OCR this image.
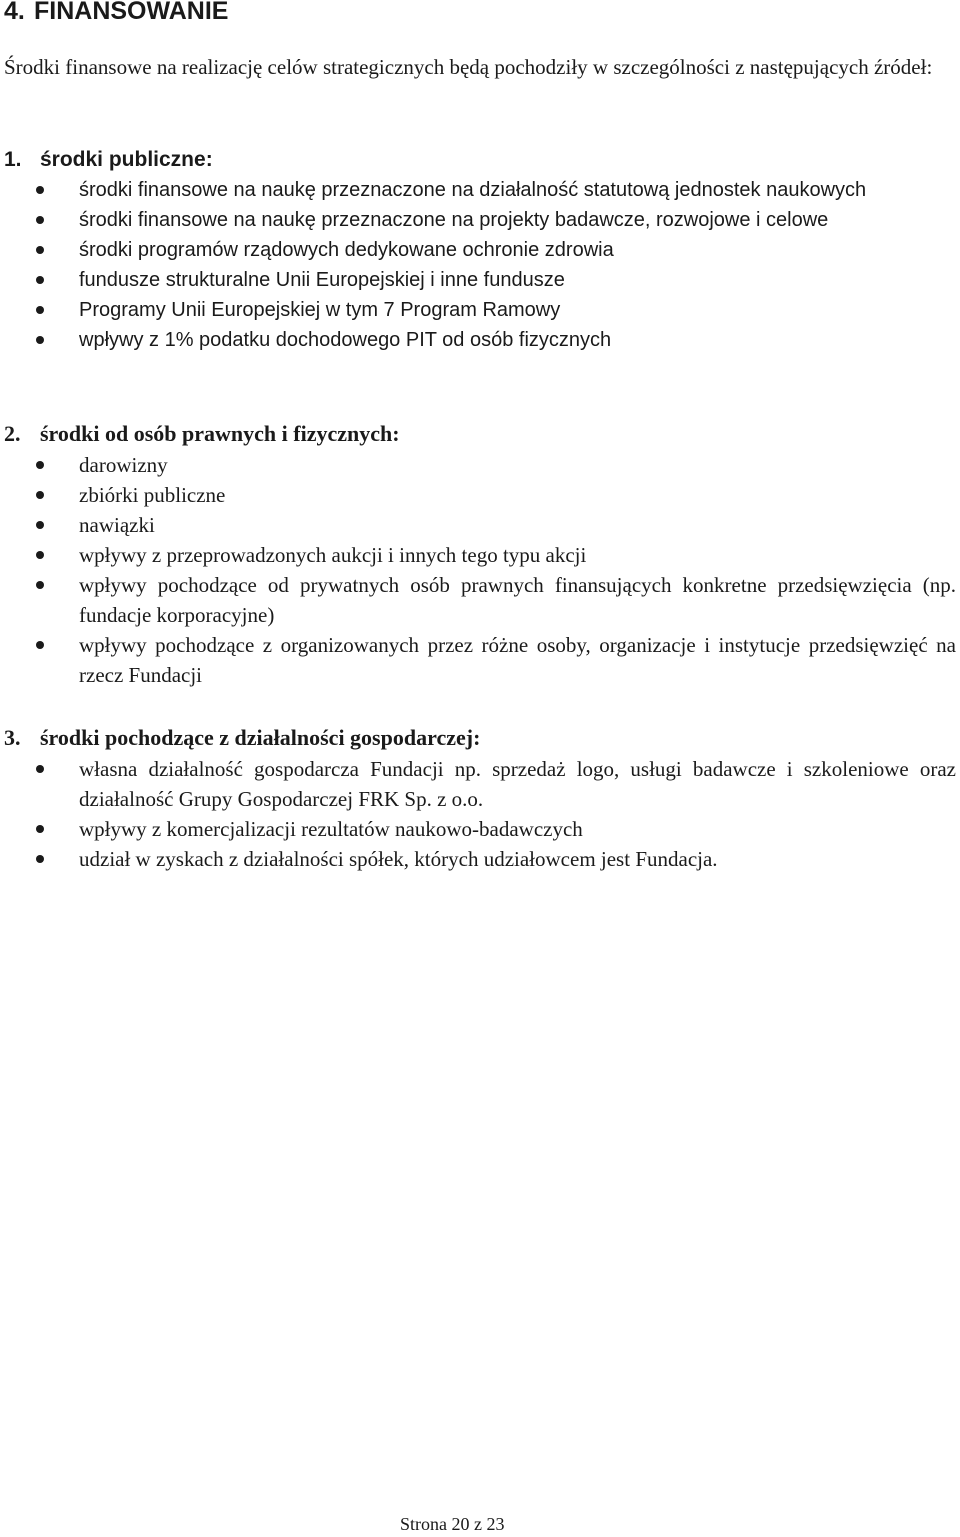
4. FINANSOWANIE

Środki finansowe na realizację celów strategicznych będą pochodziły w szczególności z następujących źródeł:

1. środki publiczne:
środki finansowe na naukę przeznaczone na działalność statutową jednostek naukowych
środki finansowe na naukę przeznaczone na projekty badawcze, rozwojowe i celowe
środki programów rządowych dedykowane ochronie zdrowia
fundusze strukturalne Unii Europejskiej i inne fundusze
Programy Unii Europejskiej w tym 7 Program Ramowy
wpływy z 1% podatku dochodowego PIT od osób fizycznych
2. środki od osób prawnych i fizycznych:
darowizny
zbiórki publiczne
nawiązki
wpływy z przeprowadzonych aukcji i innych tego typu akcji
wpływy pochodzące od prywatnych osób prawnych finansujących konkretne przedsięwzięcia (np. fundacje korporacyjne)
wpływy pochodzące z organizowanych przez różne osoby, organizacje i instytucje przedsięwzięć na rzecz Fundacji
3. środki pochodzące z działalności gospodarczej:
własna działalność gospodarcza Fundacji np. sprzedaż logo, usługi badawcze i szkoleniowe oraz działalność Grupy Gospodarczej FRK Sp. z o.o.
wpływy z komercjalizacji rezultatów naukowo-badawczych
udział w zyskach z działalności spółek, których udziałowcem jest Fundacja.
Strona 20 z 23
